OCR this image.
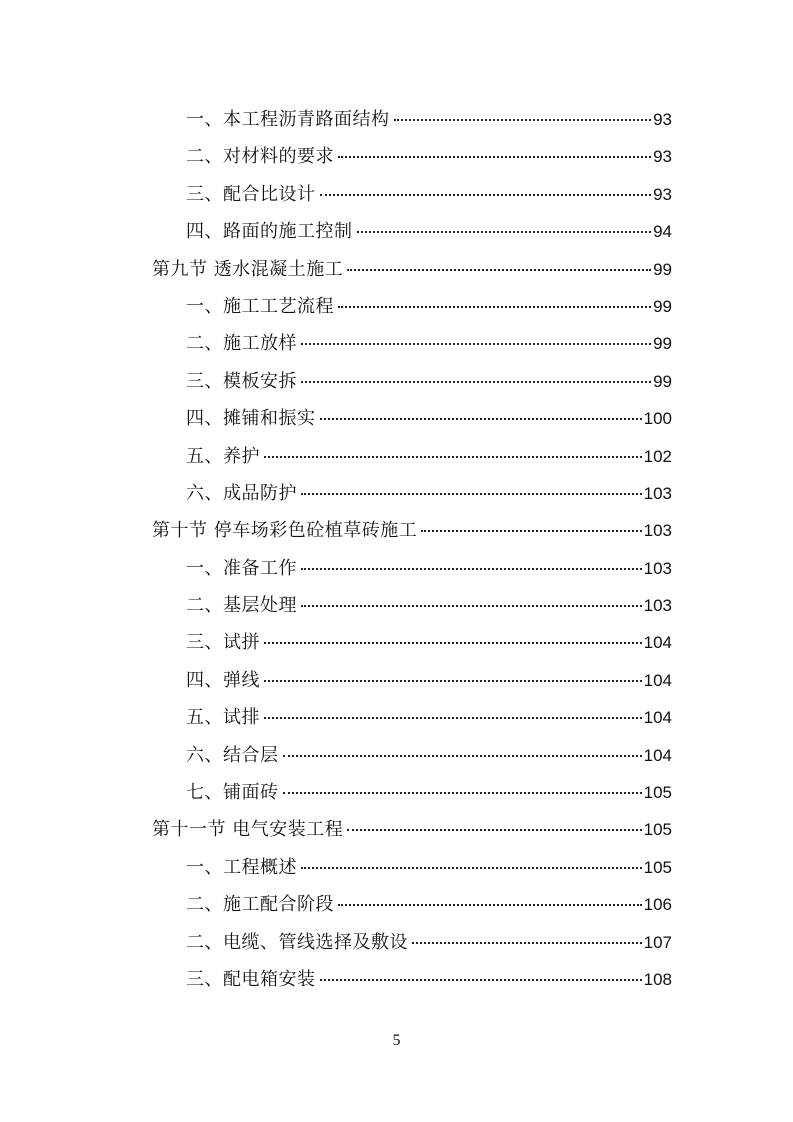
一、本工程沥青路面结构	93
二、对材料的要求	93
三、配合比设计	93
四、路面的施工控制	94
第九节 透水混凝土施工	99
一、施工工艺流程	99
二、施工放样	99
三、模板安拆	99
四、摊铺和振实	100
五、养护	102
六、成品防护	103
第十节 停车场彩色砼植草砖施工	103
一、准备工作	103
二、基层处理	103
三、试拼	104
四、弹线	104
五、试排	104
六、结合层	104
七、铺面砖	105
第十一节 电气安装工程	105
一、工程概述	105
二、施工配合阶段	106
二、电缆、管线选择及敷设	107
三、配电箱安装	108
5
